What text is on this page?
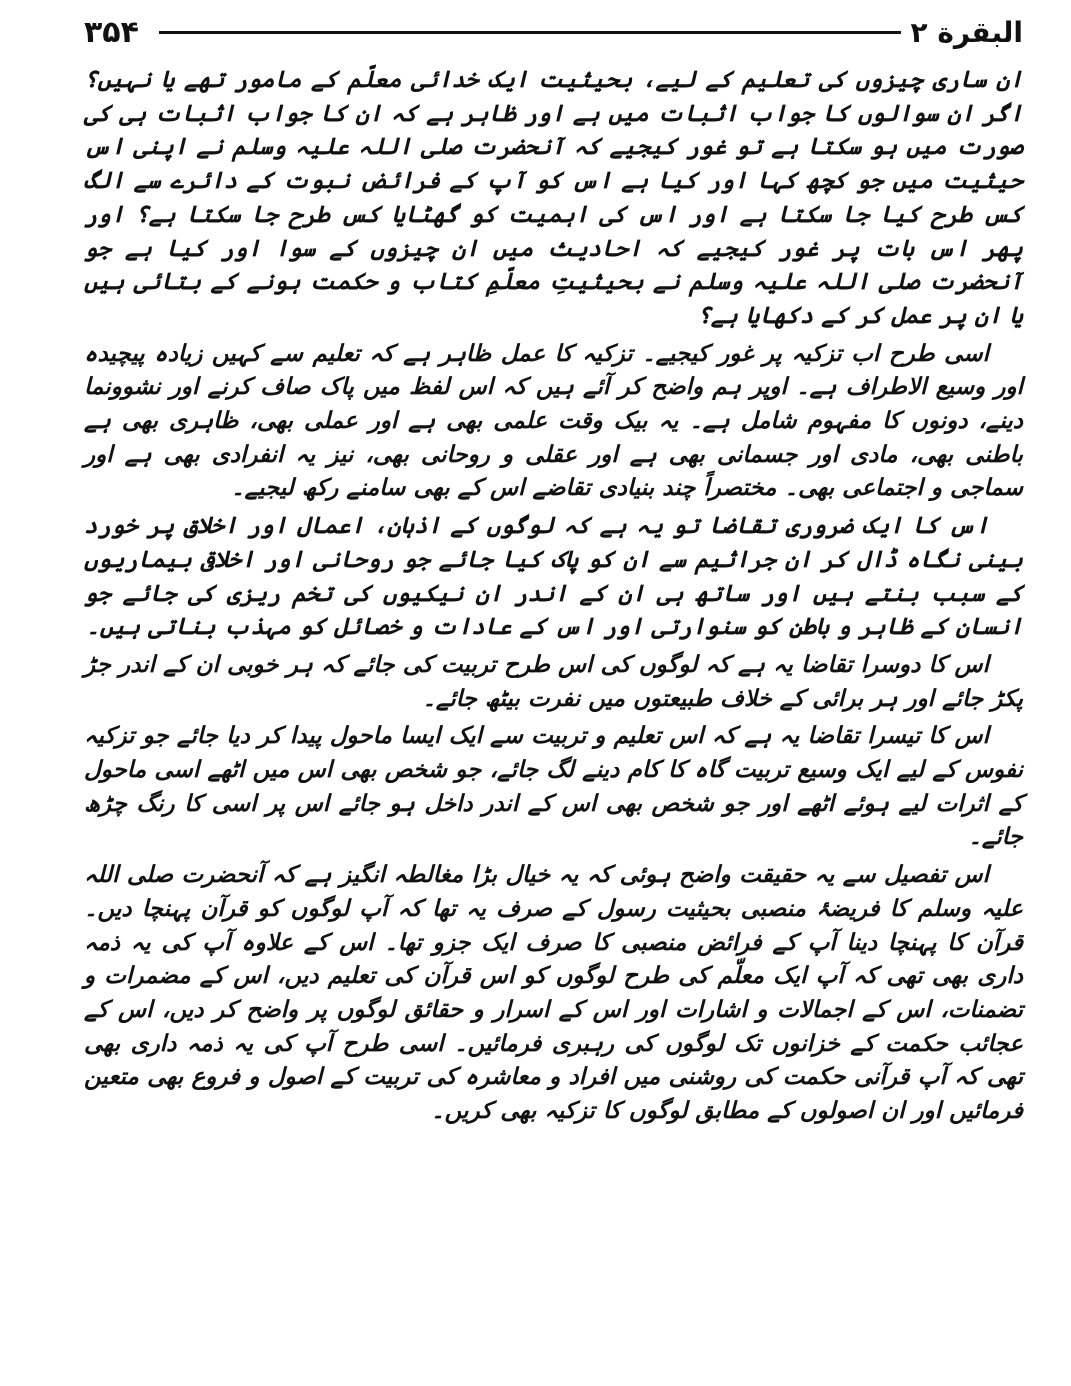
۳۵۴	البقرة ۲

ان ساری چیزوں کی تعلیم کے لیے، بحیثیت ایک خدائی معلّم کے مامور تھے یا نہیں؟ اگر ان سوالوں کا جواب اثبات میں ہے اور ظاہر ہے کہ ان کا جواب اثبات ہی کی صورت میں ہو سکتا ہے تو غور کیجیے کہ آنحضرت صلی اللہ علیہ وسلم نے اپنی اس حیثیت میں جو کچھ کہا اور کیا ہے اس کو آپ کے فرائض نبوت کے دائرے سے الگ کس طرح کیا جا سکتا ہے اور اس کی اہمیت کو گھٹایا کس طرح جا سکتا ہے؟ اور پھر اس بات پر غور کیجیے کہ احادیث میں ان چیزوں کے سوا اور کیا ہے جو آنحضرت صلی اللہ علیہ وسلم نے بحیثیتِ معلّمِ کتاب و حکمت ہونے کے بتائی ہیں یا ان پر عمل کر کے دکھایا ہے؟

اسی طرح اب تزکیہ پر غور کیجیے۔ تزکیہ کا عمل ظاہر ہے کہ تعلیم سے کہیں زیادہ پیچیدہ اور وسیع الاطراف ہے۔ اوپر ہم واضح کر آئے ہیں کہ اس لفظ میں پاک صاف کرنے اور نشوونما دینے، دونوں کا مفہوم شامل ہے۔ یہ بیک وقت علمی بھی ہے اور عملی بھی، ظاہری بھی ہے باطنی بھی، مادی اور جسمانی بھی ہے اور عقلی و روحانی بھی، نیز یہ انفرادی بھی ہے اور سماجی و اجتماعی بھی۔ مختصراً چند بنیادی تقاضے اس کے بھی سامنے رکھ لیجیے۔

اس کا ایک ضروری تقاضا تو یہ ہے کہ لوگوں کے اذہان، اعمال اور اخلاق پر خورد بینی نگاہ ڈال کر ان جراثیم سے ان کو پاک کیا جائے جو روحانی اور اخلاقی بیماریوں کے سبب بنتے ہیں اور ساتھ ہی ان کے اندر ان نیکیوں کی تخم ریزی کی جائے جو انسان کے ظاہر و باطن کو سنوارتی اور اس کے عادات و خصائل کو مہذب بناتی ہیں۔

اس کا دوسرا تقاضا یہ ہے کہ لوگوں کی اس طرح تربیت کی جائے کہ ہر خوبی ان کے اندر جڑ پکڑ جائے اور ہر برائی کے خلاف طبیعتوں میں نفرت بیٹھ جائے۔

اس کا تیسرا تقاضا یہ ہے کہ اس تعلیم و تربیت سے ایک ایسا ماحول پیدا کر دیا جائے جو تزکیہ نفوس کے لیے ایک وسیع تربیت گاہ کا کام دینے لگ جائے، جو شخص بھی اس میں اٹھے اسی ماحول کے اثرات لیے ہوئے اٹھے اور جو شخص بھی اس کے اندر داخل ہو جائے اس پر اسی کا رنگ چڑھ جائے۔

اس تفصیل سے یہ حقیقت واضح ہوئی کہ یہ خیال بڑا مغالطہ انگیز ہے کہ آنحضرت صلی اللہ علیہ وسلم کا فریضۂ منصبی بحیثیت رسول کے صرف یہ تھا کہ آپ لوگوں کو قرآن پہنچا دیں۔ قرآن کا پہنچا دینا آپ کے فرائض منصبی کا صرف ایک جزو تھا۔ اس کے علاوہ آپ کی یہ ذمہ داری بھی تھی کہ آپ ایک معلّم کی طرح لوگوں کو اس قرآن کی تعلیم دیں، اس کے مضمرات و تضمنات، اس کے اجمالات و اشارات اور اس کے اسرار و حقائق لوگوں پر واضح کر دیں، اس کے عجائب حکمت کے خزانوں تک لوگوں کی رہبری فرمائیں۔ اسی طرح آپ کی یہ ذمہ داری بھی تھی کہ آپ قرآنی حکمت کی روشنی میں افراد و معاشرہ کی تربیت کے اصول و فروع بھی متعین فرمائیں اور ان اصولوں کے مطابق لوگوں کا تزکیہ بھی کریں۔
